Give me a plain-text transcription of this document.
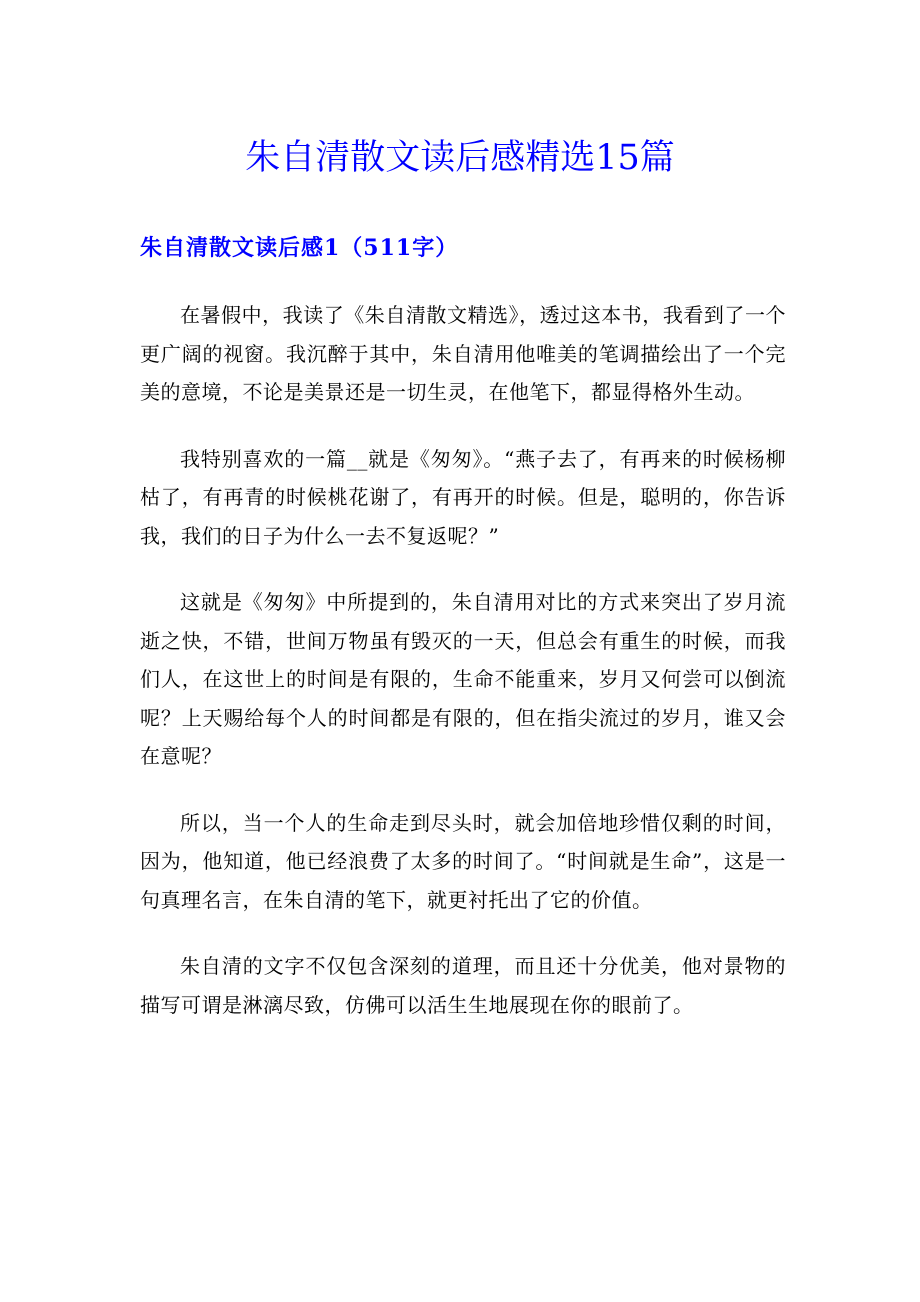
朱自清散文读后感精选15篇
朱自清散文读后感1（511字）

在暑假中，我读了《朱自清散文精选》，透过这本书，我看到了一个更广阔的视窗。我沉醉于其中，朱自清用他唯美的笔调描绘出了一个完美的意境，不论是美景还是一切生灵，在他笔下，都显得格外生动。

我特别喜欢的一篇__就是《匆匆》。“燕子去了，有再来的时候杨柳枯了，有再青的时候桃花谢了，有再开的时候。但是，聪明的，你告诉我，我们的日子为什么一去不复返呢？”

这就是《匆匆》中所提到的，朱自清用对比的方式来突出了岁月流逝之快，不错，世间万物虽有毁灭的一天，但总会有重生的时候，而我们人，在这世上的时间是有限的，生命不能重来，岁月又何尝可以倒流呢？上天赐给每个人的时间都是有限的，但在指尖流过的岁月，谁又会在意呢？

所以，当一个人的生命走到尽头时，就会加倍地珍惜仅剩的时间，因为，他知道，他已经浪费了太多的时间了。“时间就是生命”，这是一句真理名言，在朱自清的笔下，就更衬托出了它的价值。

朱自清的文字不仅包含深刻的道理，而且还十分优美，他对景物的描写可谓是淋漓尽致，仿佛可以活生生地展现在你的眼前了。
